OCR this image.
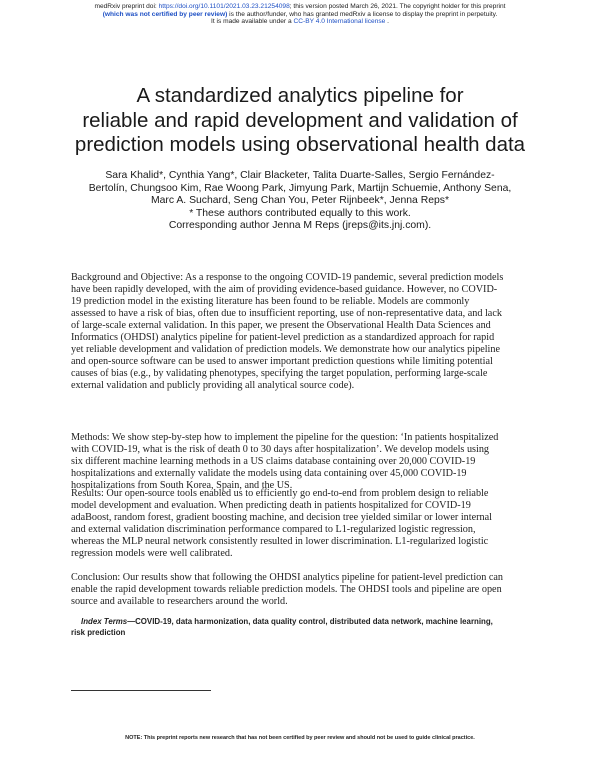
medRxiv preprint doi: https://doi.org/10.1101/2021.03.23.21254098; this version posted March 26, 2021. The copyright holder for this preprint
(which was not certified by peer review) is the author/funder, who has granted medRxiv a license to display the preprint in perpetuity.
It is made available under a CC-BY 4.0 International license .
A standardized analytics pipeline for
reliable and rapid development and validation of
prediction models using observational health data
Sara Khalid*, Cynthia Yang*, Clair Blacketer, Talita Duarte-Salles, Sergio Fernández-
Bertolín, Chungsoo Kim, Rae Woong Park, Jimyung Park, Martijn Schuemie, Anthony Sena,
Marc A. Suchard, Seng Chan You, Peter Rijnbeek*, Jenna Reps*
* These authors contributed equally to this work.
Corresponding author Jenna M Reps (jreps@its.jnj.com).
Background and Objective: As a response to the ongoing COVID-19 pandemic, several prediction models
have been rapidly developed, with the aim of providing evidence-based guidance. However, no COVID-
19 prediction model in the existing literature has been found to be reliable. Models are commonly
assessed to have a risk of bias, often due to insufficient reporting, use of non-representative data, and lack
of large-scale external validation. In this paper, we present the Observational Health Data Sciences and
Informatics (OHDSI) analytics pipeline for patient-level prediction as a standardized approach for rapid
yet reliable development and validation of prediction models. We demonstrate how our analytics pipeline
and open-source software can be used to answer important prediction questions while limiting potential
causes of bias (e.g., by validating phenotypes, specifying the target population, performing large-scale
external validation and publicly providing all analytical source code).
Methods: We show step-by-step how to implement the pipeline for the question: ‘In patients hospitalized
with COVID-19, what is the risk of death 0 to 30 days after hospitalization’. We develop models using
six different machine learning methods in a US claims database containing over 20,000 COVID-19
hospitalizations and externally validate the models using data containing over 45,000 COVID-19
hospitalizations from South Korea, Spain, and the US.
Results: Our open-source tools enabled us to efficiently go end-to-end from problem design to reliable
model development and evaluation. When predicting death in patients hospitalized for COVID-19
adaBoost, random forest, gradient boosting machine, and decision tree yielded similar or lower internal
and external validation discrimination performance compared to L1-regularized logistic regression,
whereas the MLP neural network consistently resulted in lower discrimination. L1-regularized logistic
regression models were well calibrated.
Conclusion: Our results show that following the OHDSI analytics pipeline for patient-level prediction can
enable the rapid development towards reliable prediction models. The OHDSI tools and pipeline are open
source and available to researchers around the world.
Index Terms—COVID-19, data harmonization, data quality control, distributed data network, machine learning,
risk prediction
NOTE: This preprint reports new research that has not been certified by peer review and should not be used to guide clinical practice.
